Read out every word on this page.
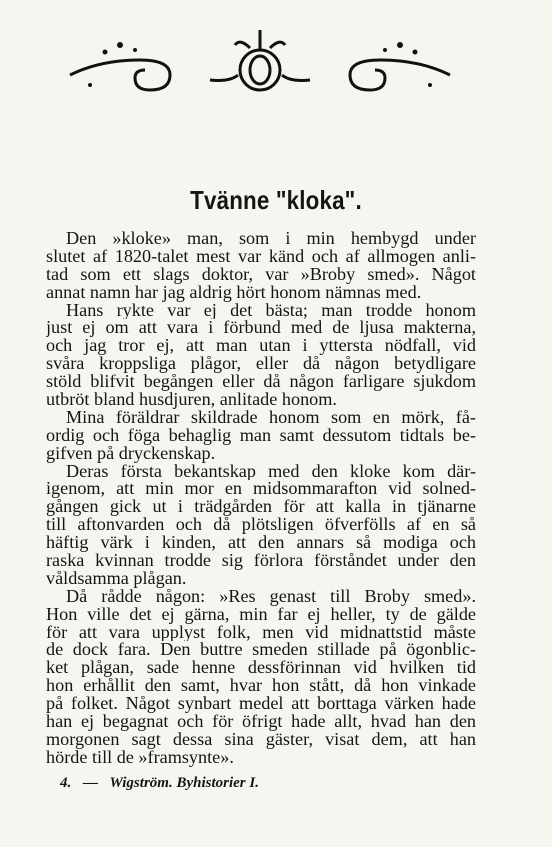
Tvänne "kloka".
Den »kloke» man, som i min hembygd under
slutet af 1820-talet mest var känd och af allmogen anli-
tad som ett slags doktor, var »Broby smed». Något
annat namn har jag aldrig hört honom nämnas med.
Hans rykte var ej det bästa; man trodde honom
just ej om att vara i förbund med de ljusa makterna,
och jag tror ej, att man utan i yttersta nödfall, vid
svåra kroppsliga plågor, eller då någon betydligare
stöld blifvit begången eller då någon farligare sjukdom
utbröt bland husdjuren, anlitade honom.
Mina föräldrar skildrade honom som en mörk, få-
ordig och föga behaglig man samt dessutom tidtals be-
gifven på dryckenskap.
Deras första bekantskap med den kloke kom där-
igenom, att min mor en midsommarafton vid solned-
gången gick ut i trädgården för att kalla in tjänarne
till aftonvarden och då plötsligen öfverfölls af en så
häftig värk i kinden, att den annars så modiga och
raska kvinnan trodde sig förlora förståndet under den
våldsamma plågan.
Då rådde någon: »Res genast till Broby smed».
Hon ville det ej gärna, min far ej heller, ty de gälde
för att vara upplyst folk, men vid midnattstid måste
de dock fara. Den buttre smeden stillade på ögonblic-
ket plågan, sade henne dessförinnan vid hvilken tid
hon erhållit den samt, hvar hon stått, då hon vinkade
på folket. Något synbart medel att borttaga värken hade
han ej begagnat och för öfrigt hade allt, hvad han den
morgonen sagt dessa sina gäster, visat dem, att han
hörde till de »framsynte».
4. — Wigström. Byhistorier I.
